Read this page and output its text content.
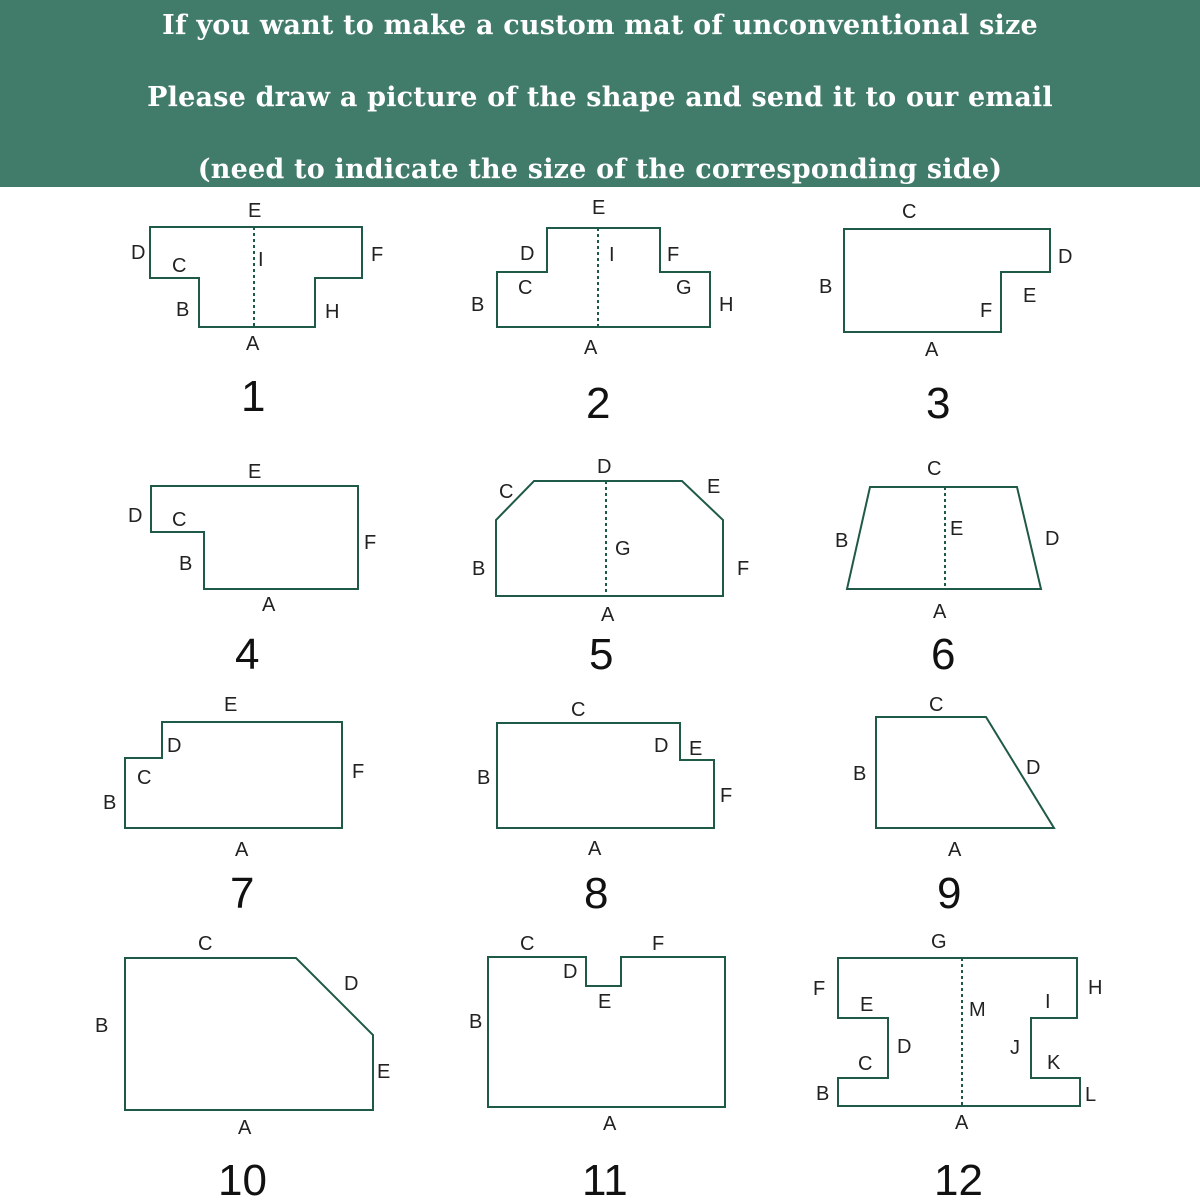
If you want to make a custom mat of unconventional size
Please draw a picture of the shape and send it to our email
(need to indicate the size of the corresponding side)
E
D
C	I	F
B	H
A
1
E
D	I	F
C	G
B	H
A
2
C
D
B	E
F
A
3
E
D C
F
B
A
4
D
C	E
G
B	F
A
5
C
E
B	D
A
6
E
D
C	F
B
A
7
C
D E
B
F
A
8
C
B	D
A
9
C
D
B
E
A
10
C	F
D
E
B
A
11
G
F	H
E	M	I
D	J
C	K
B	L
A
12
